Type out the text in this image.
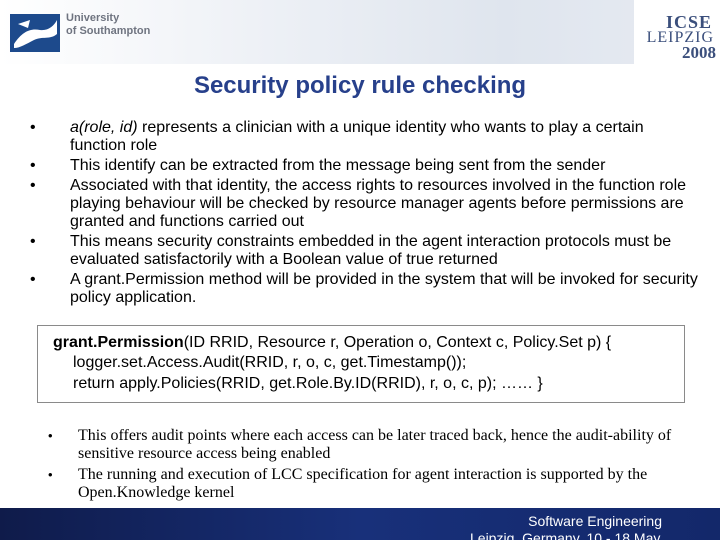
University
of Southampton	ICSE
LEIPZIG
2008
Security policy rule checking
• a(role, id) represents a clinician with a unique identity who wants to play a certain function role
• This identify can be extracted from the message being sent from the sender
• Associated with that identity, the access rights to resources involved in the function role playing behaviour will be checked by resource manager agents before permissions are granted and functions carried out
• This means security constraints embedded in the agent interaction protocols must be evaluated satisfactorily with a Boolean value of true returned
• A grant.Permission method will be provided in the system that will be invoked for security policy application.
grant.Permission(ID RRID, Resource r, Operation o, Context c, Policy.Set p) {
logger.set.Access.Audit(RRID, r, o, c, get.Timestamp());
return apply.Policies(RRID, get.Role.By.ID(RRID), r, o, c, p); …… }
• This offers audit points where each access can be later traced back, hence the audit-ability of sensitive resource access being enabled
• The running and execution of LCC specification for agent interaction is supported by the Open.Knowledge kernel
Software Engineering
Leipzig, Germany, 10 - 18 May
